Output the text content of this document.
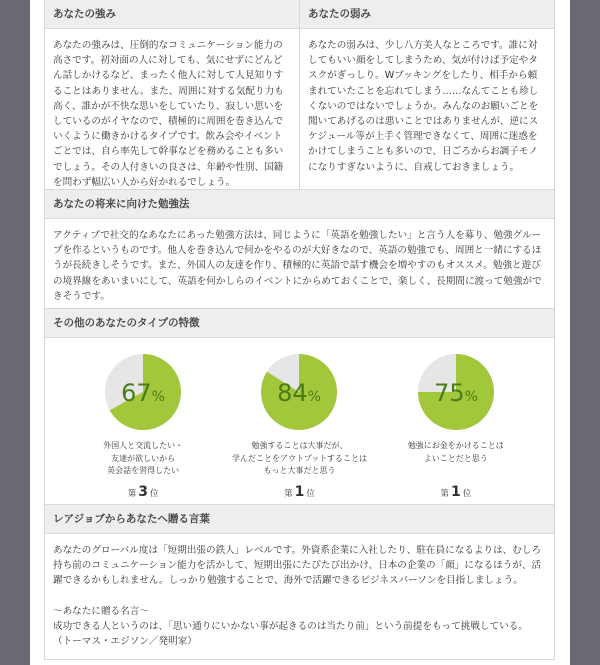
あなたの強み
あなたの強みは、圧倒的なコミュニケーション能力の高さです。初対面の人に対しても、気にせずにどんどん話しかけるなど、まったく他人に対して人見知りすることはありません。また、周囲に対する気配り力も高く、誰かが不快な思いをしていたり、寂しい思いをしているのがイヤなので、積極的に周囲を巻き込んでいくように働きかけるタイプです。飲み会やイベントごとでは、自ら率先して幹事などを務めることも多いでしょう。その人付きいの良さは、年齢や性別、国籍を問わず幅広い人から好かれるでしょう。
あなたの弱み
あなたの弱みは、少し八方美人なところです。誰に対してもいい顔をしてしまうため、気が付けば予定やタスクがぎっしり。Wブッキングをしたり、相手から頼まれていたことを忘れてしまう……なんてことも珍しくないのではないでしょうか。みんなのお願いごとを聞いてあげるのは悪いことではありませんが、逆にスケジュール等が上手く管理できなくて、周囲に迷惑をかけてしまうことも多いので、日ごろからお調子モノになりすぎないように、自戒しておきましょう。
あなたの将来に向けた勉強法
アクティブで社交的なあなたにあった勉強方法は、同じように「英語を勉強したい」と言う人を募り、勉強グループを作るというものです。他人を巻き込んで何かをやるのが大好きなので、英語の勉強でも、周囲と一緒にするほうが長続きしそうです。また、外国人の友達を作り、積極的に英語で話す機会を増やすのもオススメ。勉強と遊びの境界線をあいまいにして、英語を何かしらのイベントにからめておくことで、楽しく、長期間に渡って勉強ができそうです。
その他のあなたのタイプの特徴
67%
外国人と交流したい・
友達が欲しいから
英会話を習得したい
第 3 位
84%
勉強することは大事だが、
学んだことをアウトプットすることは
もっと大事だと思う
第 1 位
75%
勉強にお金をかけることは
よいことだと思う
第 1 位
レアジョブからあなたへ贈る言葉

あなたのグローバル度は「短期出張の鉄人」レベルです。外資系企業に入社したり、駐在員になるよりは、むしろ持ち前のコミュニケーション能力を活かして、短期出張にたびたび出かけ、日本の企業の「顔」になるほうが、活躍できるかもしれません。しっかり勉強することで、海外で活躍できるビジネスパーソンを目指しましょう。

〜あなたに贈る名言〜

成功できる人というのは、「思い通りにいかない事が起きるのは当たり前」という前提をもって挑戦している。

（トーマス・エジソン／発明家）
